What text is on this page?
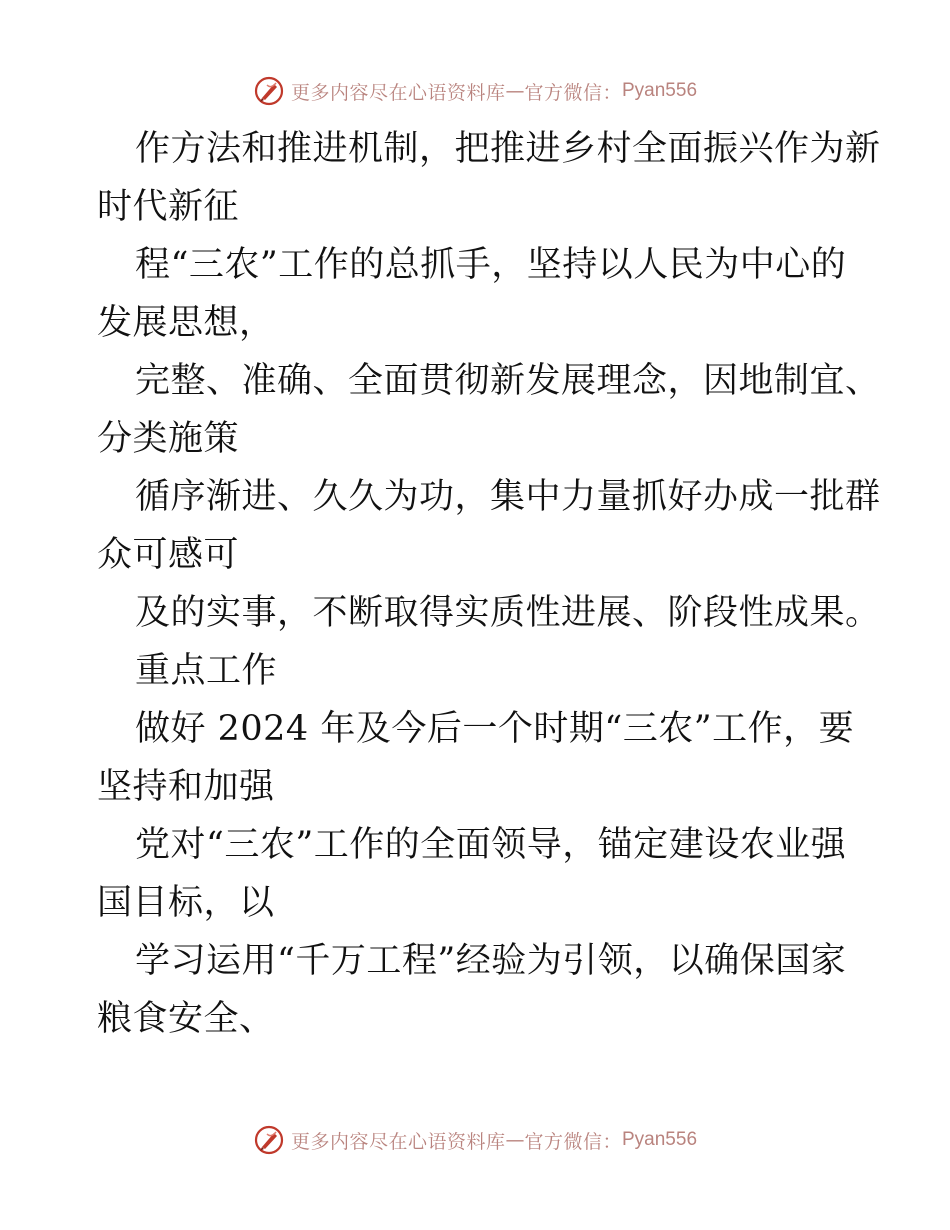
更多内容尽在心语资料库 — 官方微信： Pyan556
作方法和推进机制，把推进乡村全面振兴作为新
时代新征
程“三农”工作的总抓手，坚持以人民为中心的
发展思想，
完整、准确、全面贯彻新发展理念，因地制宜、
分类施策
循序渐进、久久为功，集中力量抓好办成一批群
众可感可
及的实事，不断取得实质性进展、阶段性成果。
重点工作
做好 2024 年及今后一个时期“三农”工作，要
坚持和加强
党对“三农”工作的全面领导，锚定建设农业强
国目标，以
学习运用“千万工程”经验为引领，以确保国家
粮食安全、
更多内容尽在心语资料库 — 官方微信： Pyan556
